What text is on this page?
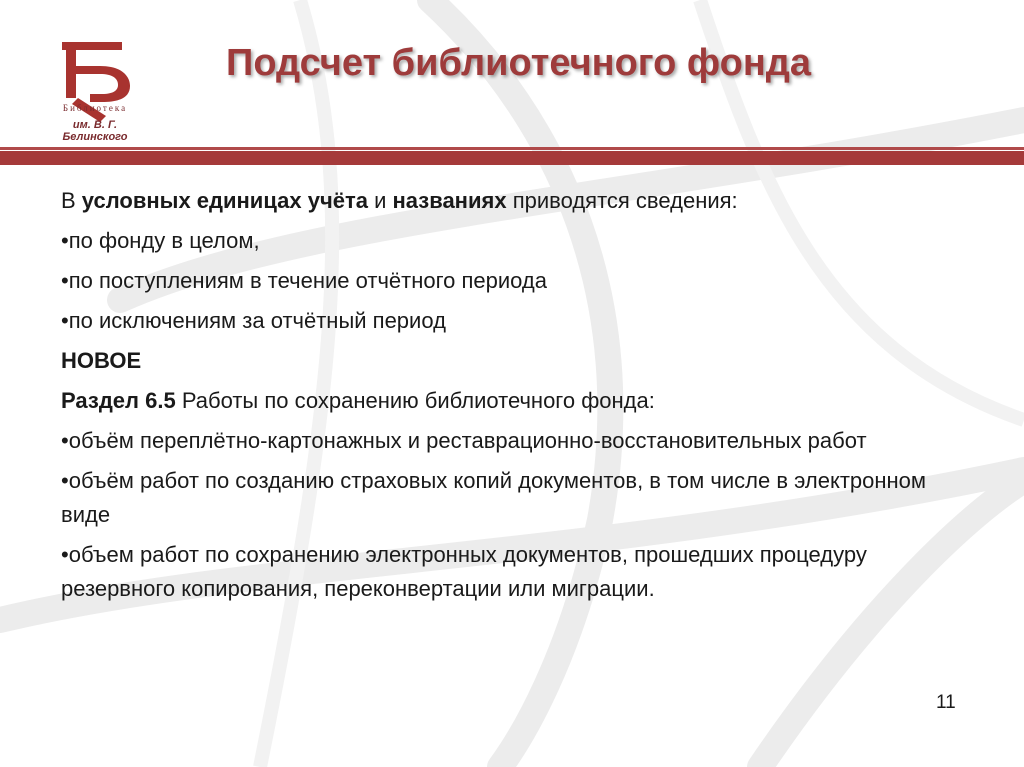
Библиотека
им. В. Г. Белинского
Подсчет библиотечного фонда

В условных единицах учёта и названиях приводятся сведения:

•по фонду в целом,

•по поступлениям в течение отчётного периода

•по исключениям за отчётный период

НОВОЕ

Раздел 6.5 Работы по сохранению библиотечного фонда:

•объём переплётно-картонажных и реставрационно-восстановительных работ

•объём работ по созданию страховых копий документов, в том числе в электронном виде

•объем работ по сохранению электронных документов, прошедших процедуру резервного копирования, переконвертации или миграции.

11
